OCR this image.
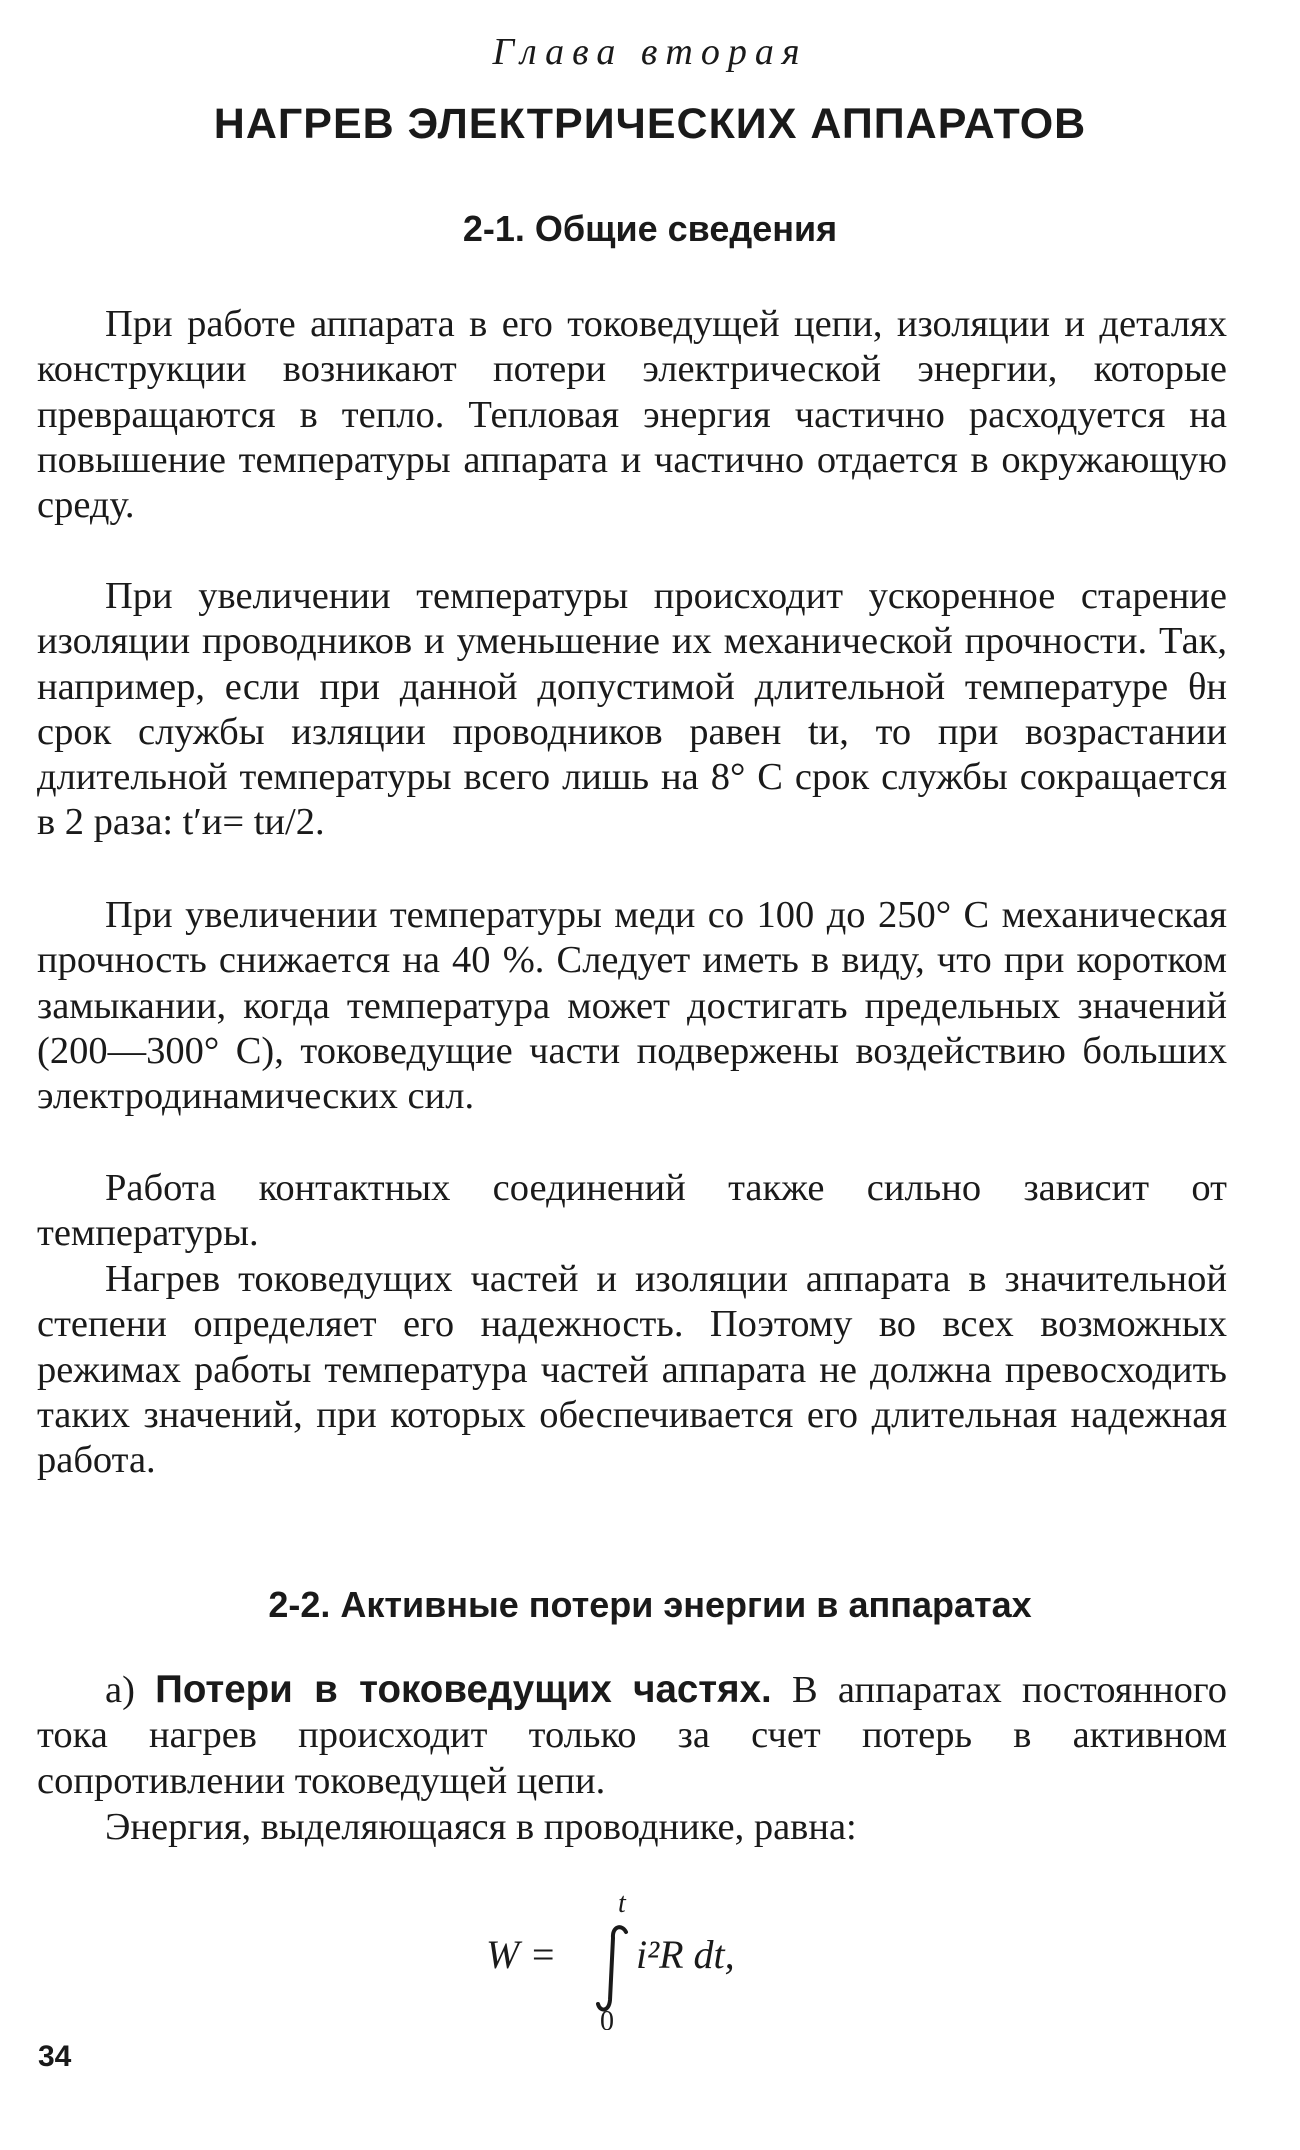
Глава вторая
НАГРЕВ ЭЛЕКТРИЧЕСКИХ АППАРАТОВ
2-1. Общие сведения

При работе аппарата в его токоведущей цепи, изоляции и деталях конструкции возникают потери электрической энергии, которые превращаются в тепло. Тепловая энергия частично расходуется на повышение температуры аппарата и частично отдается в окружающую среду.

При увеличении температуры происходит ускоренное старение изоляции проводников и уменьшение их механической прочности. Так, например, если при данной допустимой длительной температуре θн срок службы изляции проводников равен tи, то при возрастании длительной температуры всего лишь на 8° С срок службы сокращается в 2 раза: t′и= tи/2.

При увеличении температуры меди со 100 до 250° С механическая прочность снижается на 40 %. Следует иметь в виду, что при коротком замыкании, когда температура может достигать предельных значений (200—300° С), токоведущие части подвержены воздействию больших электродинамических сил.

Работа контактных соединений также сильно зависит от температуры.

Нагрев токоведущих частей и изоляции аппарата в значительной степени определяет его надежность. Поэтому во всех возможных режимах работы температура частей аппарата не должна превосходить таких значений, при которых обеспечивается его длительная надежная работа.

2-2. Активные потери энергии в аппаратах

а) Потери в токоведущих частях. В аппаратах постоянного тока нагрев происходит только за счет потерь в активном сопротивлении токоведущей цепи.

Энергия, выделяющаяся в проводнике, равна:

W =
t
0
i²R dt,
34
